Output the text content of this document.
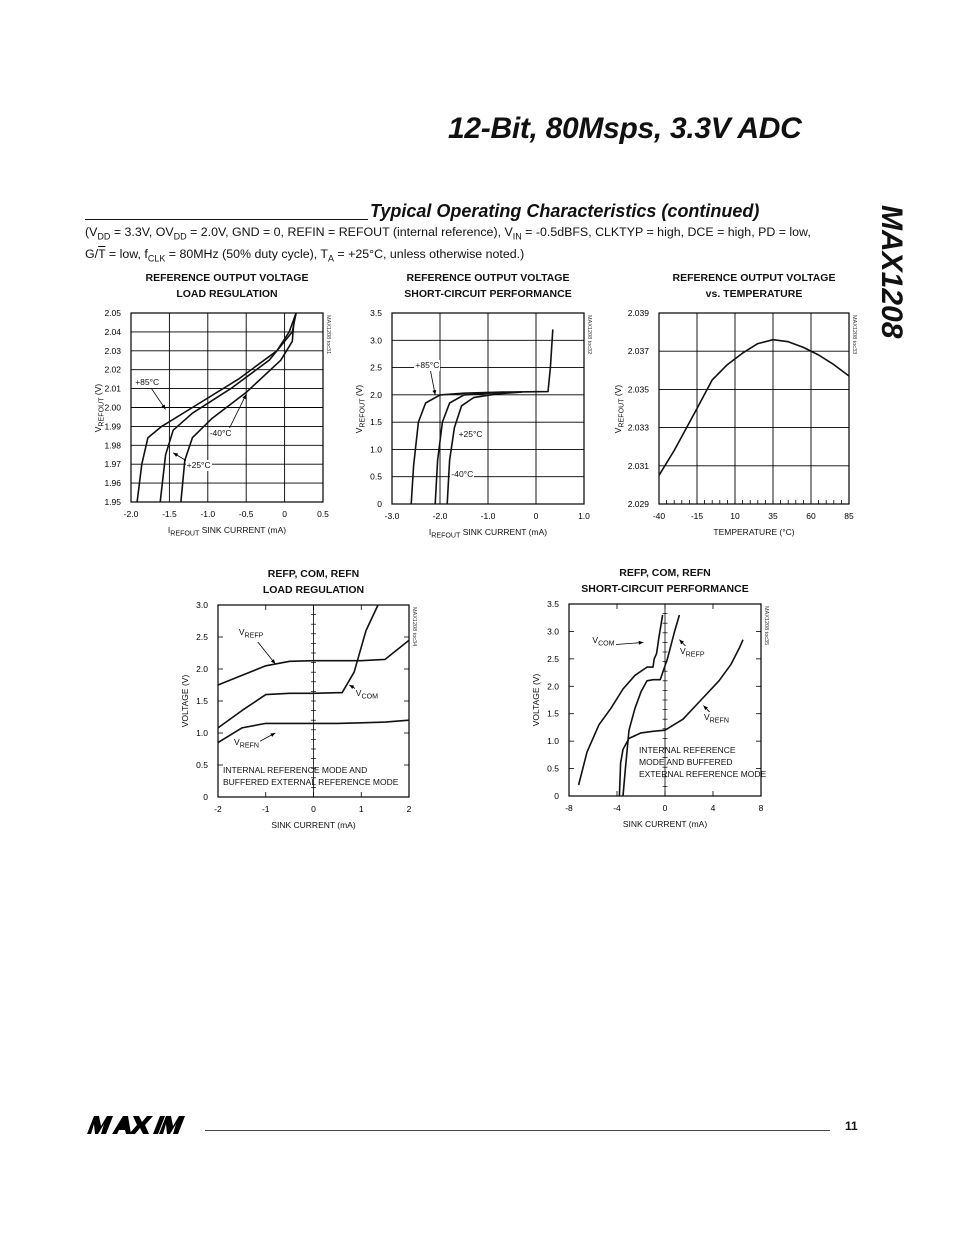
12-Bit, 80Msps, 3.3V ADC
MAX1208
Typical Operating Characteristics (continued)
($V_{DD} = 3.3V$, $OV_{DD} = 2.0V$, GND = 0, REFIN = REFOUT (internal reference), $V_{IN}$ = -0.5dBFS, CLKTYP = high, DCE = high, PD = low,
$G/\overline{T}$ = low, $f_{CLK} = 80MHz$ (50% duty cycle), $T_A = +25^\circ C$, unless otherwise noted.)
REFERENCE OUTPUT VOLTAGE
LOAD REGULATION
-2.0	-1.5	-1.0	-0.5	0	0.5
1.95
1.96
1.97
1.98
1.99
2.00
2.01
2.02
2.03
2.04
2.05
MAX1208 toc31
+85°C
-40°C
+25°C
$I_{REFOUT}$ SINK CURRENT (mA)
$V_{REFOUT}$ (V)
REFERENCE OUTPUT VOLTAGE
SHORT-CIRCUIT PERFORMANCE
-3.0	-2.0	-1.0	0	1.0
0
0.5
1.0
1.5
2.0
2.5
3.0
3.5
MAX1208 toc32
+85°C
+25°C
-40°C
$I_{REFOUT}$ SINK CURRENT (mA)
$V_{REFOUT}$ (V)
REFERENCE OUTPUT VOLTAGE
vs. TEMPERATURE
-40	-15	10	35	60	85
2.029
2.031
2.033
2.035
2.037
2.039
MAX1208 toc33
TEMPERATURE (°C)
$V_{REFOUT}$ (V)
REFP, COM, REFN
LOAD REGULATION
-2	-1	0	1	2
0
0.5
1.0
1.5
2.0
2.5
3.0
MAX1208 toc34
$V_{REFP}$
$V_{COM}$
$V_{REFN}$
INTERNAL REFERENCE MODE AND
BUFFERED EXTERNAL REFERENCE MODE
SINK CURRENT (mA)
VOLTAGE (V)
REFP, COM, REFN
SHORT-CIRCUIT PERFORMANCE
-8	-4	0	4	8
0
0.5
1.0
1.5
2.0
2.5
3.0
3.5
MAX1208 toc35
$V_{COM}$
$V_{REFP}$
$V_{REFN}$
INTERNAL REFERENCE
MODE AND BUFFERED
EXTERNAL REFERENCE MODE
SINK CURRENT (mA)
VOLTAGE (V)
MAXIM
11
